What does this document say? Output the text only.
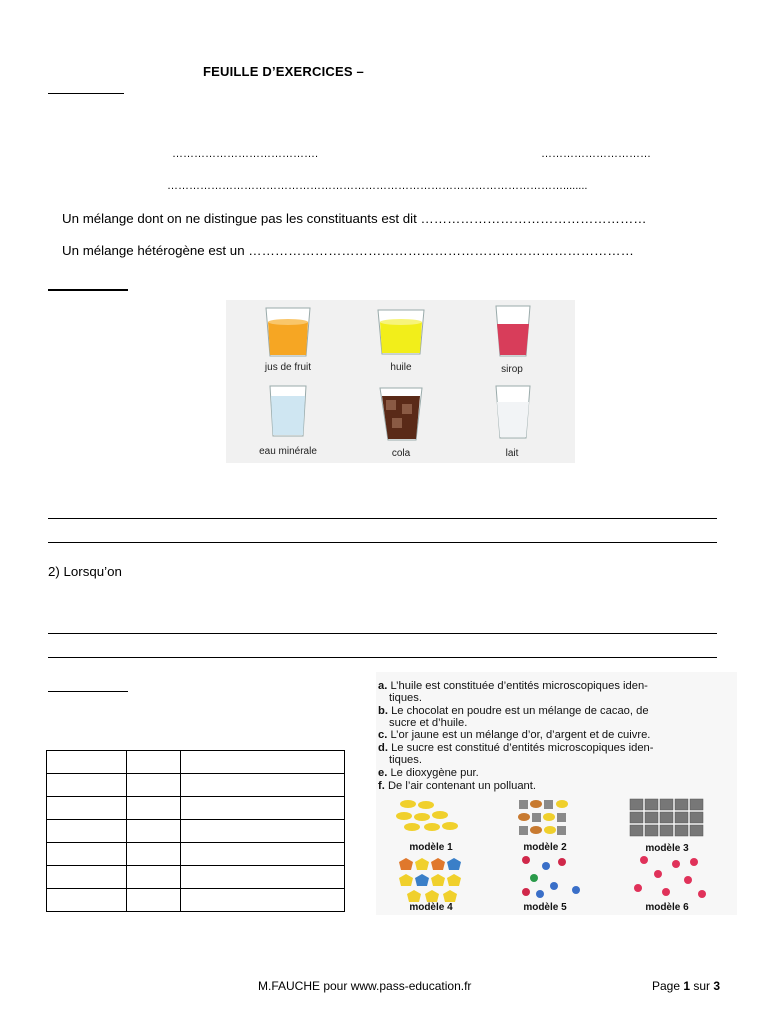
FEUILLE D’EXERCICES –
………………………………….	…………………………
………………………………………………………………………………………………........
Un mélange dont on ne distingue pas les constituants est dit ……………………………………………
Un mélange hétérogène est un ……………………………………………………………………………
jus de fruit	huile	sirop
eau minérale	cola	lait
2) Lorsqu’on

a. L’huile est constituée d’entités microscopiques iden-
tiques.
b. Le chocolat en poudre est un mélange de cacao, de
sucre et d’huile.
c. L’or jaune est un mélange d’or, d’argent et de cuivre.
d. Le sucre est constitué d’entités microscopiques iden-
tiques.
e. Le dioxygène pur.
f. De l’air contenant un polluant.
modèle 1	modèle 2	modèle 3
modèle 4	modèle 5	modèle 6
M.FAUCHE pour www.pass-education.fr	Page 1 sur 3
